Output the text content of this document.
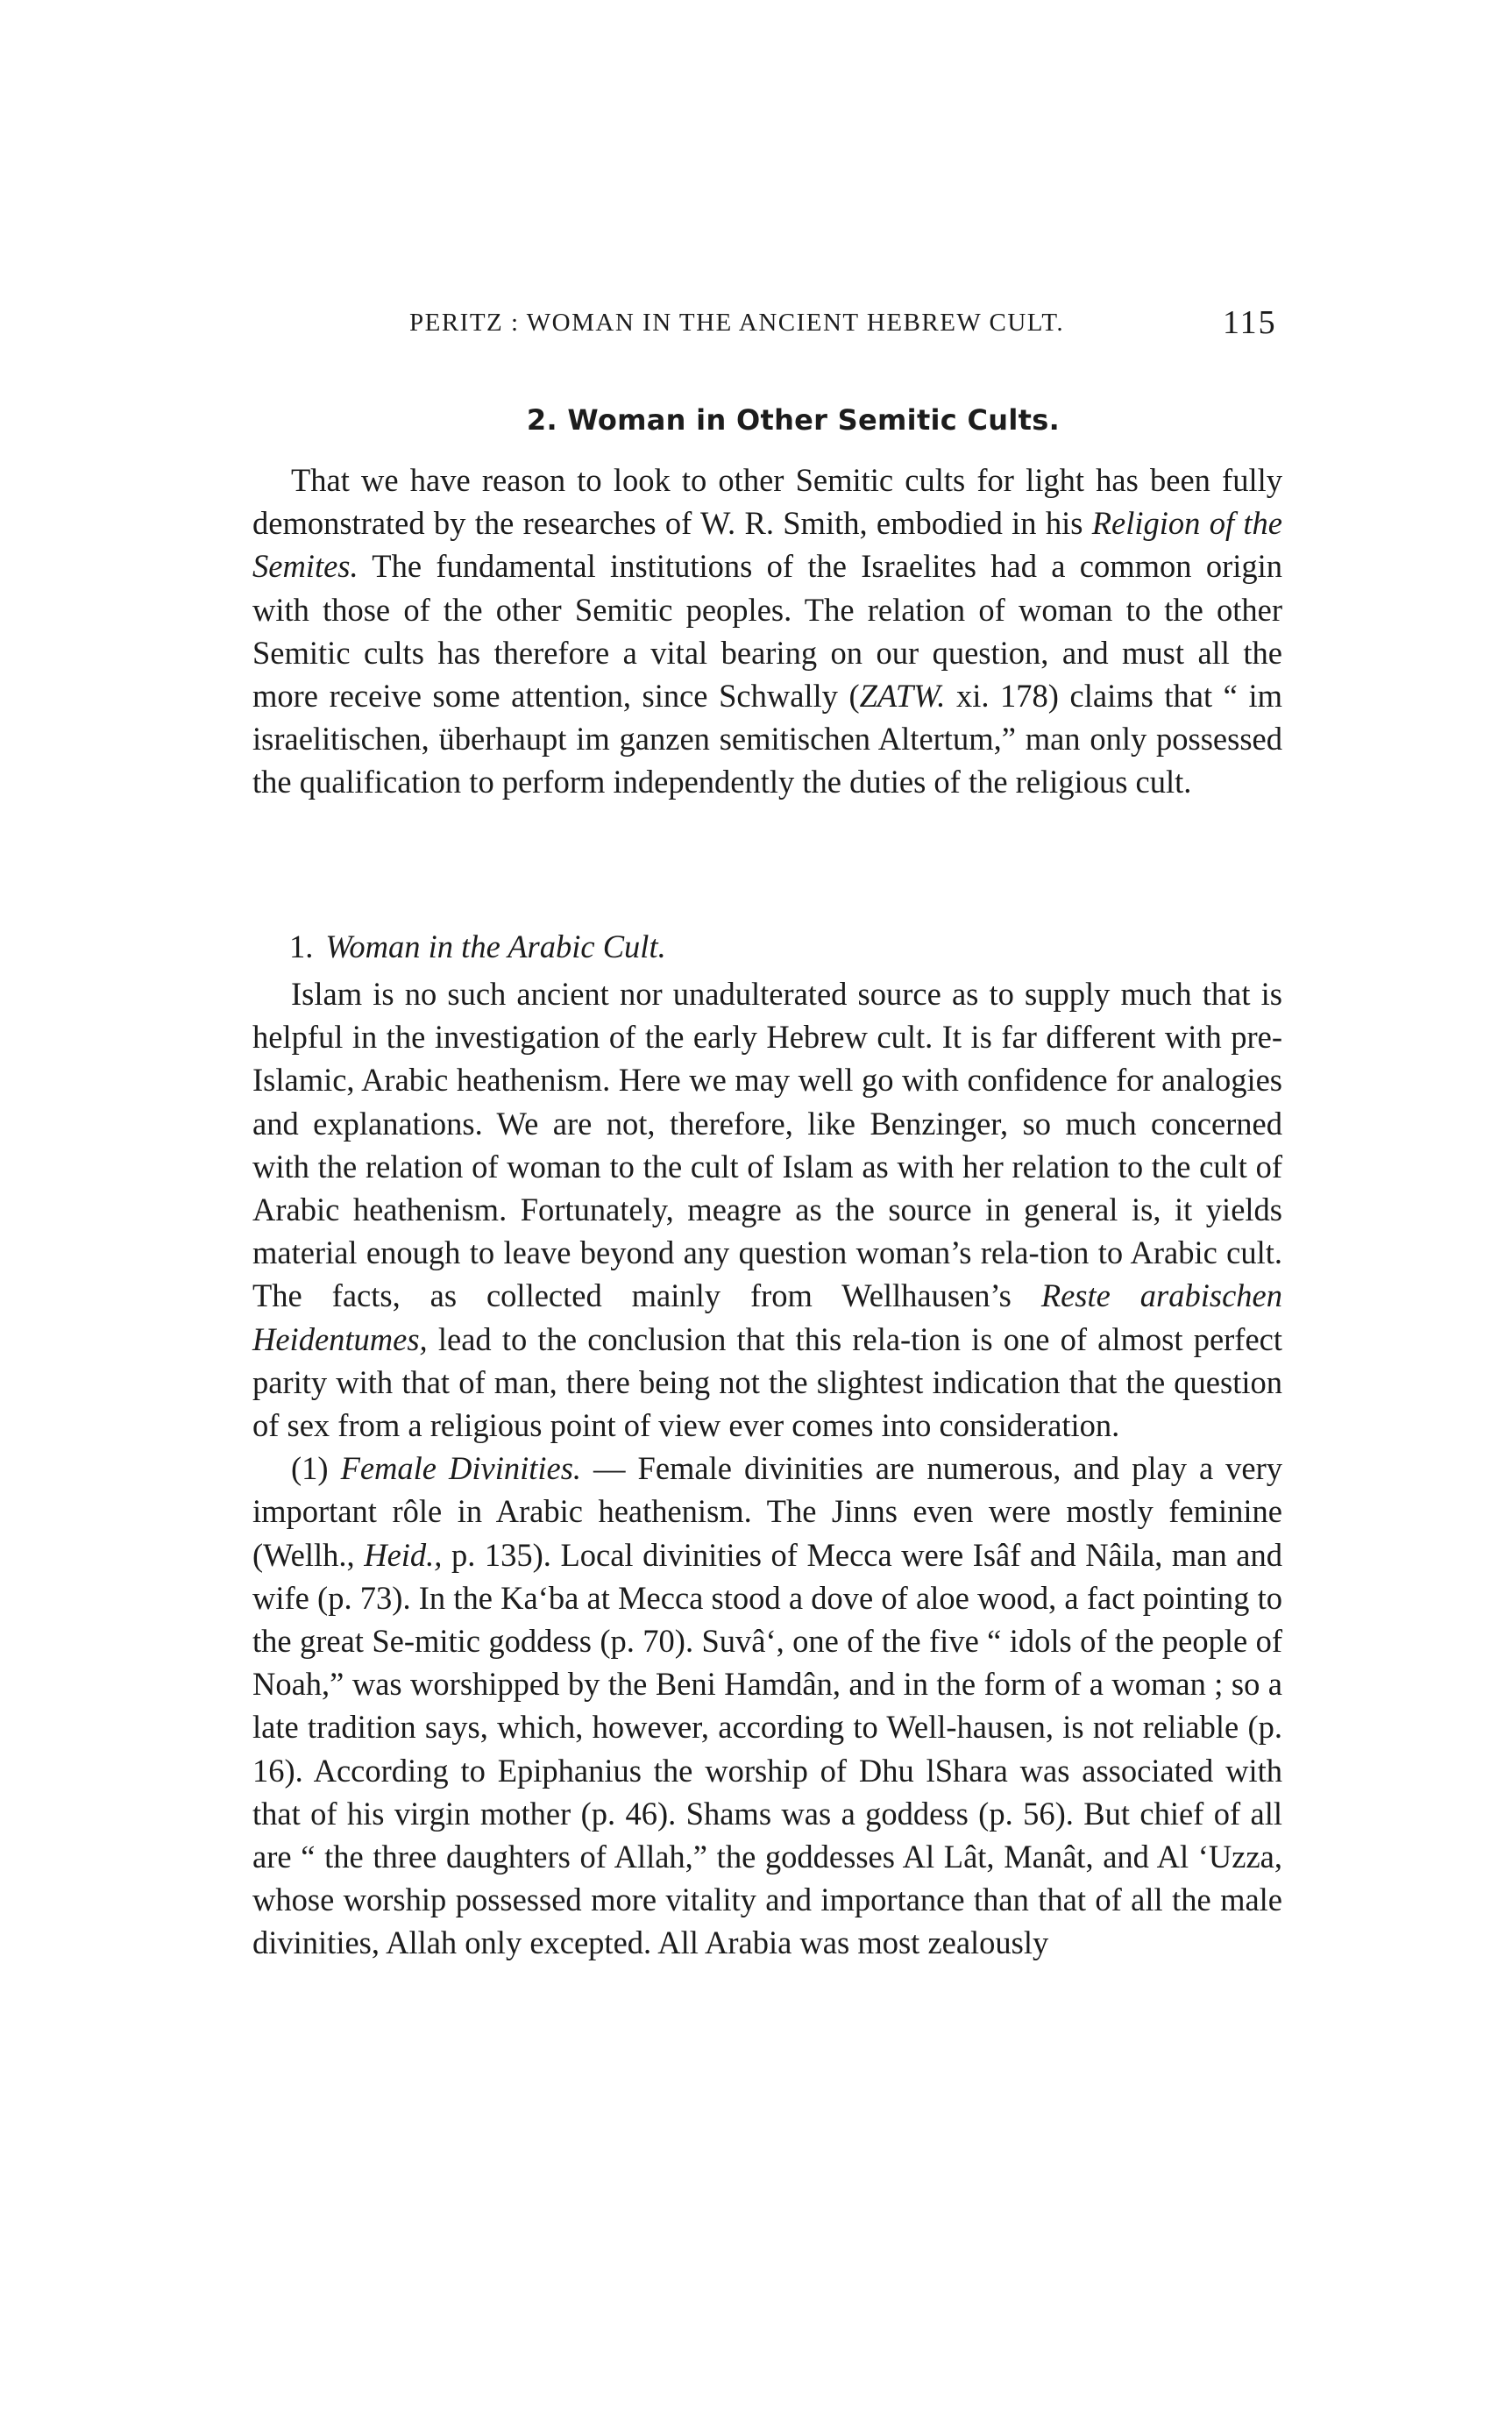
PERITZ : WOMAN IN THE ANCIENT HEBREW CULT.	115
2. Woman in Other Semitic Cults.

That we have reason to look to other Semitic cults for light has been fully demonstrated by the researches of W. R. Smith, embodied in his Religion of the Semites. The fundamental institutions of the Israelites had a common origin with those of the other Semitic peoples. The relation of woman to the other Semitic cults has therefore a vital bearing on our question, and must all the more receive some attention, since Schwally (ZATW. xi. 178) claims that “ im israelitischen, überhaupt im ganzen semitischen Altertum,” man only possessed the qualification to perform independently the duties of the religious cult.

1. Woman in the Arabic Cult.

Islam is no such ancient nor unadulterated source as to supply much that is helpful in the investigation of the early Hebrew cult. It is far different with pre-Islamic, Arabic heathenism. Here we may well go with confidence for analogies and explanations. We are not, therefore, like Benzinger, so much concerned with the relation of woman to the cult of Islam as with her relation to the cult of Arabic heathenism. Fortunately, meagre as the source in general is, it yields material enough to leave beyond any question woman’s rela-tion to Arabic cult. The facts, as collected mainly from Wellhausen’s Reste arabischen Heidentumes, lead to the conclusion that this rela-tion is one of almost perfect parity with that of man, there being not the slightest indication that the question of sex from a religious point of view ever comes into consideration.

(1) Female Divinities. — Female divinities are numerous, and play a very important rôle in Arabic heathenism. The Jinns even were mostly feminine (Wellh., Heid., p. 135). Local divinities of Mecca were Isâf and Nâila, man and wife (p. 73). In the Ka‘ba at Mecca stood a dove of aloe wood, a fact pointing to the great Se-mitic goddess (p. 70). Suvâ‘, one of the five “ idols of the people of Noah,” was worshipped by the Beni Hamdân, and in the form of a woman ; so a late tradition says, which, however, according to Well-hausen, is not reliable (p. 16). According to Epiphanius the worship of Dhu lShara was associated with that of his virgin mother (p. 46). Shams was a goddess (p. 56). But chief of all are “ the three daughters of Allah,” the goddesses Al Lât, Manât, and Al ‘Uzza, whose worship possessed more vitality and importance than that of all the male divinities, Allah only excepted. All Arabia was most zealously
